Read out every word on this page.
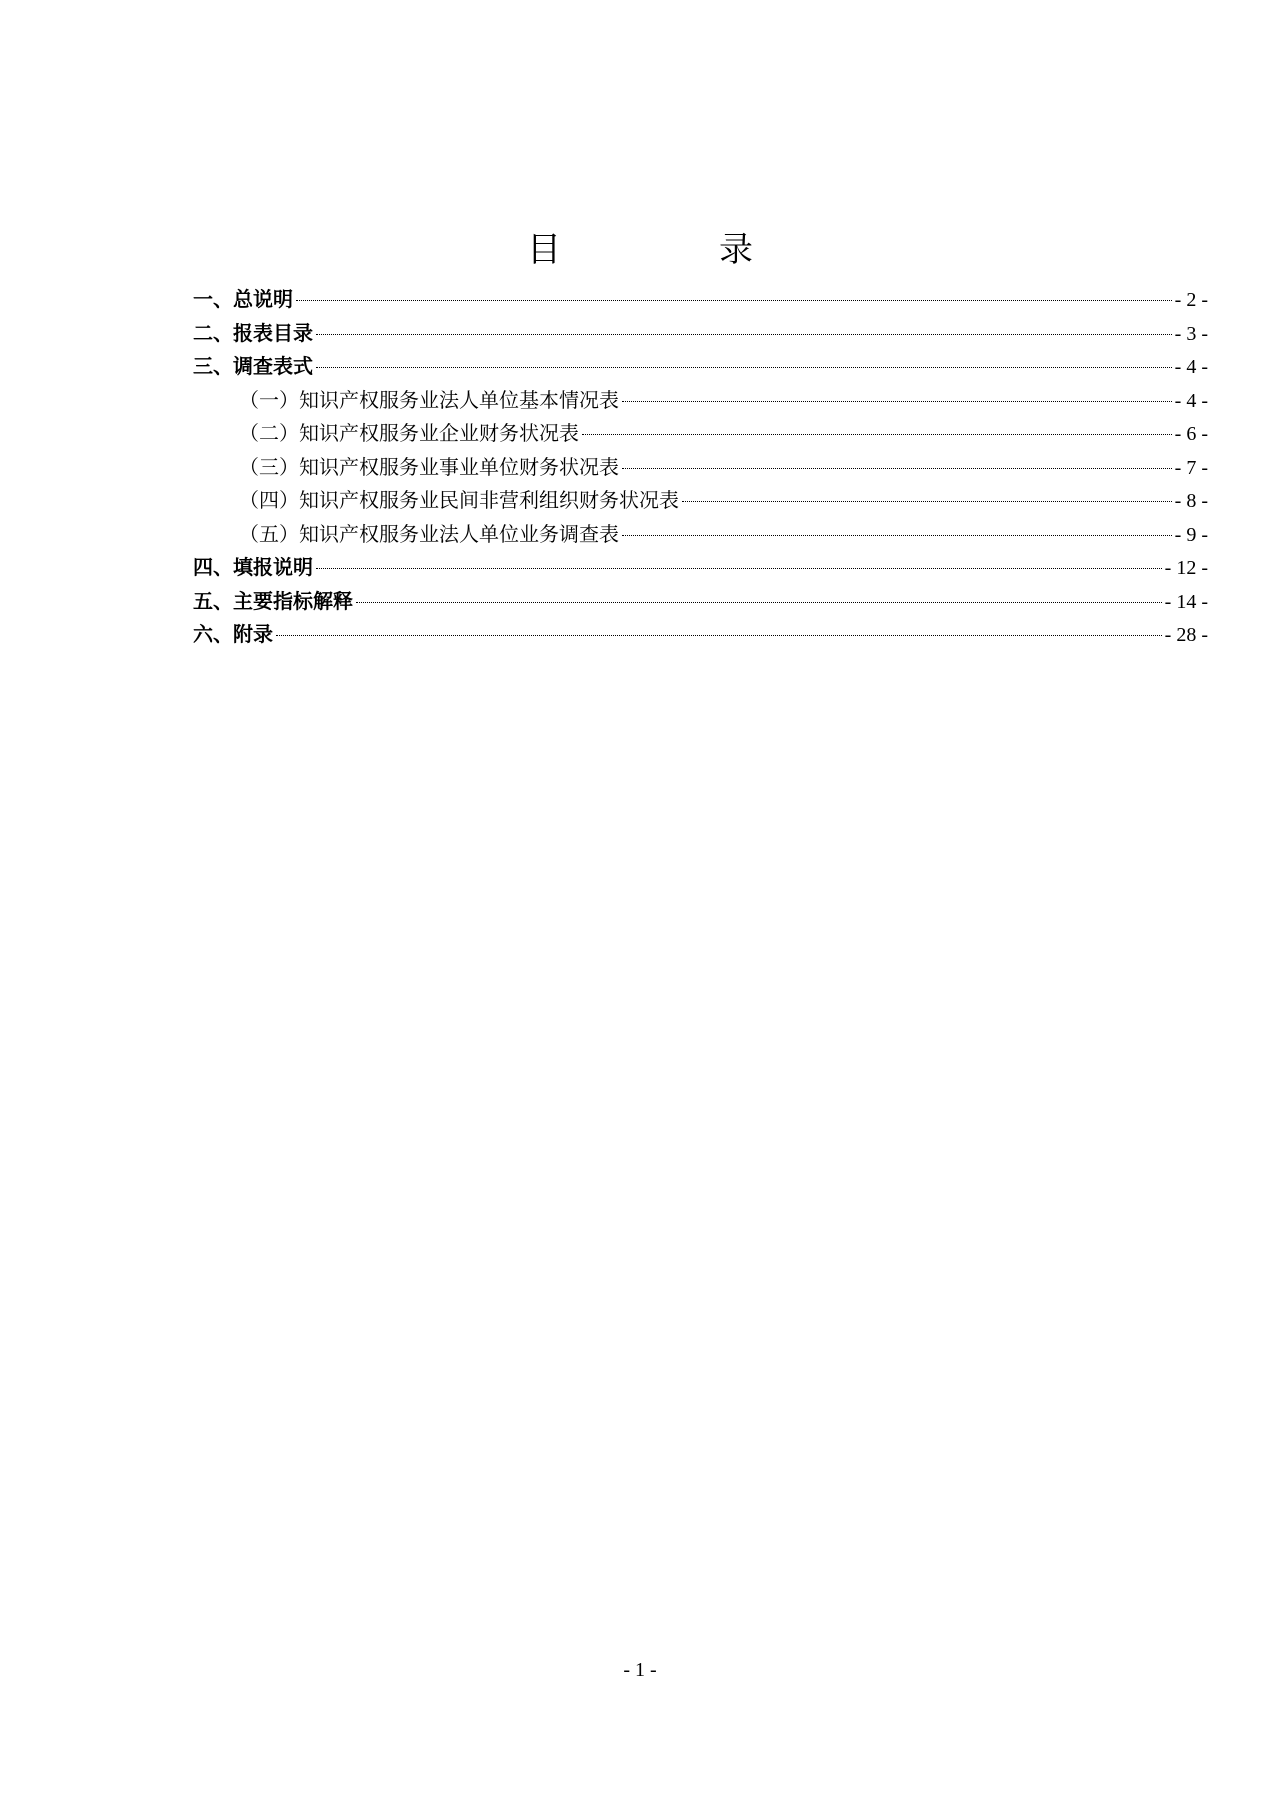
目　录
一、总说明	- 2 -
二、报表目录	- 3 -
三、调查表式	- 4 -
（一）知识产权服务业法人单位基本情况表	- 4 -
（二）知识产权服务业企业财务状况表	- 6 -
（三）知识产权服务业事业单位财务状况表	- 7 -
（四）知识产权服务业民间非营利组织财务状况表	- 8 -
（五）知识产权服务业法人单位业务调查表	- 9 -
四、填报说明	- 12 -
五、主要指标解释	- 14 -
六、附录	- 28 -
- 1 -
